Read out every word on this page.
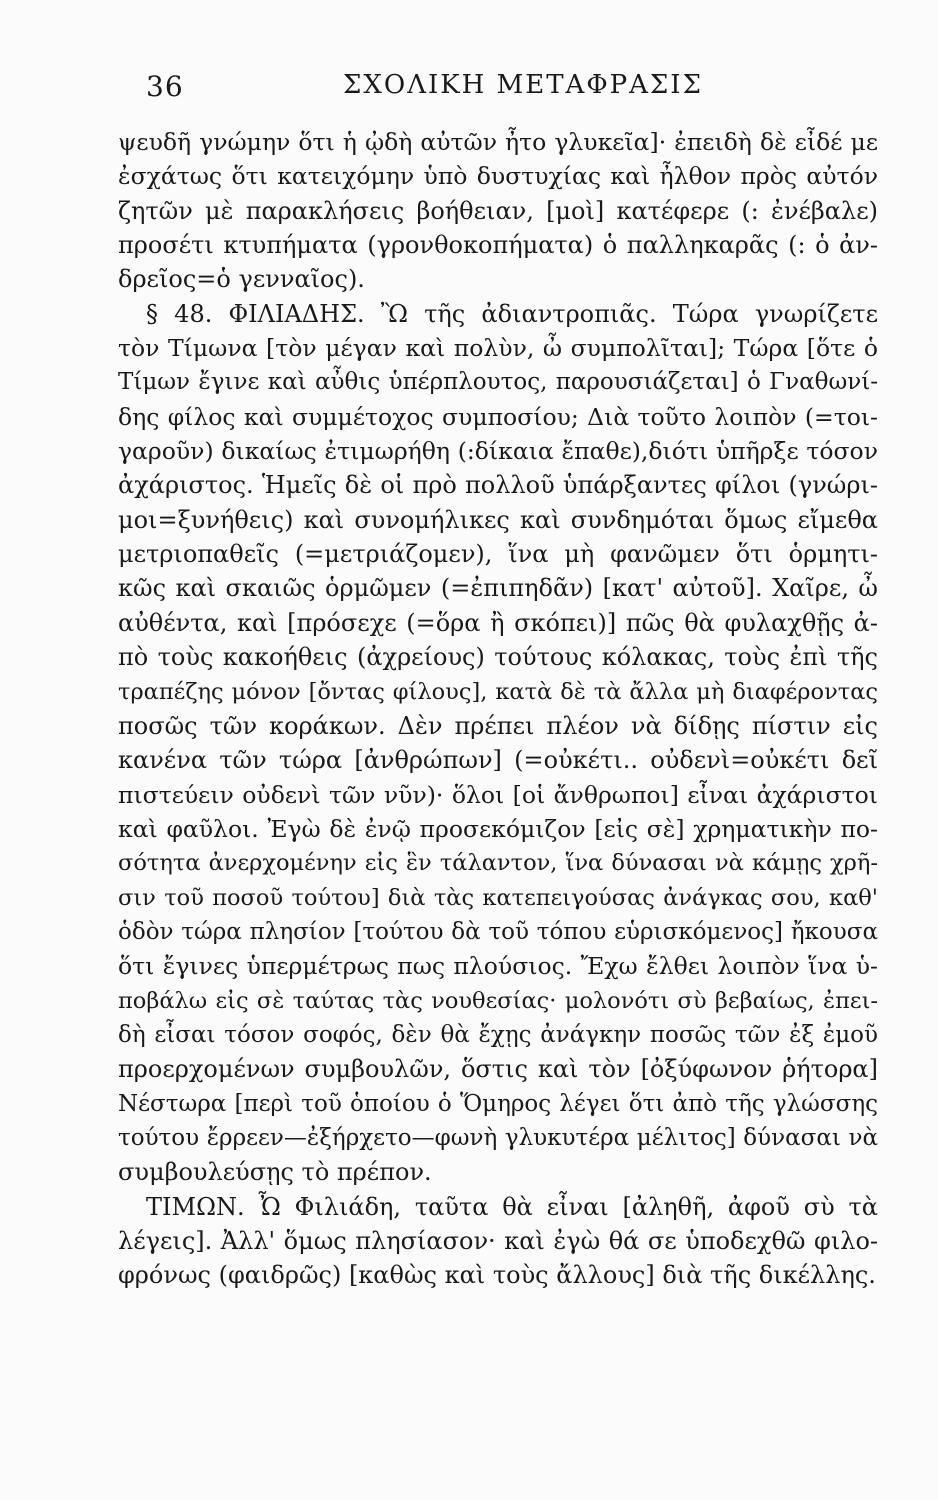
36	ΣΧΟΛΙΚΗ ΜΕΤΑΦΡΑΣΙΣ
ψευδῆ γνώμην ὅτι ἡ ᾠδὴ αὐτῶν ἦτο γλυκεῖα]· ἐπειδὴ δὲ εἶδέ με
ἐσχάτως ὅτι κατειχόμην ὑπὸ δυστυχίας καὶ ἦλθον πρὸς αὐτόν
ζητῶν μὲ παρακλήσεις βοήθειαν, [μοὶ] κατέφερε (: ἐνέβαλε)
προσέτι κτυπήματα (γρονθοκοπήματα) ὁ παλληκαρᾶς (: ὁ ἀν-
δρεῖος=ὁ γενναῖος).
§ 48. ΦΙΛΙΑΔΗΣ. Ὢ τῆς ἀδιαντροπιᾶς. Τώρα γνωρίζετε
τὸν Τίμωνα [τὸν μέγαν καὶ πολὺν, ὦ συμπολῖται]; Τώρα [ὅτε ὁ
Τίμων ἔγινε καὶ αὖθις ὑπέρπλουτος, παρουσιάζεται] ὁ Γναθωνί-
δης φίλος καὶ συμμέτοχος συμποσίου; Διὰ τοῦτο λοιπὸν (=τοι-
γαροῦν) δικαίως ἐτιμωρήθη (:δίκαια ἔπαθε),διότι ὑπῆρξε τόσον
ἀχάριστος. Ἡμεῖς δὲ οἱ πρὸ πολλοῦ ὑπάρξαντες φίλοι (γνώρι-
μοι=ξυνήθεις) καὶ συνομήλικες καὶ συνδημόται ὅμως εἴμεθα
μετριοπαθεῖς (=μετριάζομεν), ἵνα μὴ φανῶμεν ὅτι ὁρμητι-
κῶς καὶ σκαιῶς ὁρμῶμεν (=ἐπιπηδᾶν) [κατ' αὐτοῦ]. Χαῖρε, ὦ
αὐθέντα, καὶ [πρόσεχε (=ὅρα ἢ σκόπει)] πῶς θὰ φυλαχθῇς ἀ-
πὸ τοὺς κακοήθεις (ἀχρείους) τούτους κόλακας, τοὺς ἐπὶ τῆς
τραπέζης μόνον [ὄντας φίλους], κατὰ δὲ τὰ ἄλλα μὴ διαφέροντας
ποσῶς τῶν κοράκων. Δὲν πρέπει πλέον νὰ δίδῃς πίστιν εἰς
κανένα τῶν τώρα [ἀνθρώπων] (=οὐκέτι.. οὐδενὶ=οὐκέτι δεῖ
πιστεύειν οὐδενὶ τῶν νῦν)· ὅλοι [οἱ ἄνθρωποι] εἶναι ἀχάριστοι
καὶ φαῦλοι. Ἐγὼ δὲ ἐνῷ προσεκόμιζον [εἰς σὲ] χρηματικὴν πο-
σότητα ἀνερχομένην εἰς ἓν τάλαντον, ἵνα δύνασαι νὰ κάμῃς χρῆ-
σιν τοῦ ποσοῦ τούτου] διὰ τὰς κατεπειγούσας ἀνάγκας σου, καθ'
ὁδὸν τώρα πλησίον [τούτου δὰ τοῦ τόπου εὑρισκόμενος] ἤκουσα
ὅτι ἔγινες ὑπερμέτρως πως πλούσιος. Ἔχω ἔλθει λοιπὸν ἵνα ὑ-
ποβάλω εἰς σὲ ταύτας τὰς νουθεσίας· μολονότι σὺ βεβαίως, ἐπει-
δὴ εἶσαι τόσον σοφός, δὲν θὰ ἔχῃς ἀνάγκην ποσῶς τῶν ἐξ ἐμοῦ
προερχομένων συμβουλῶν, ὅστις καὶ τὸν [ὀξύφωνον ῥήτορα]
Νέστωρα [περὶ τοῦ ὁποίου ὁ Ὅμηρος λέγει ὅτι ἀπὸ τῆς γλώσσης
τούτου ἔρρεεν—ἐξήρχετο—φωνὴ γλυκυτέρα μέλιτος] δύνασαι νὰ
συμβουλεύσῃς τὸ πρέπον.
ΤΙΜΩΝ. Ὦ Φιλιάδη, ταῦτα θὰ εἶναι [ἀληθῆ, ἀφοῦ σὺ τὰ
λέγεις]. Ἀλλ' ὅμως πλησίασον· καὶ ἐγὼ θά σε ὑποδεχθῶ φιλο-
φρόνως (φαιδρῶς) [καθὼς καὶ τοὺς ἄλλους] διὰ τῆς δικέλλης.
